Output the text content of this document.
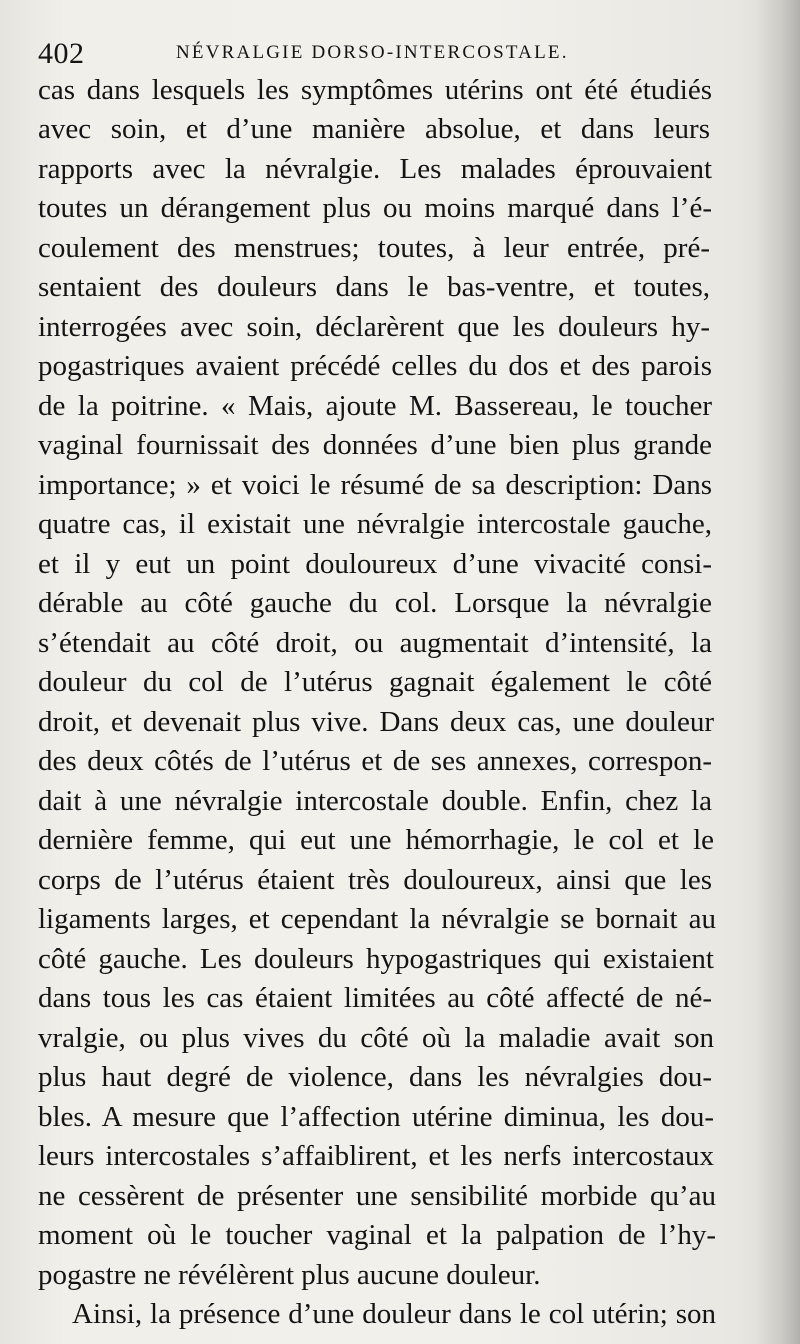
402	NÉVRALGIE DORSO-INTERCOSTALE.
cas dans lesquels les symptômes utérins ont été étudiés
avec soin, et d’une manière absolue, et dans leurs
rapports avec la névralgie. Les malades éprouvaient
toutes un dérangement plus ou moins marqué dans l’é-
coulement des menstrues; toutes, à leur entrée, pré-
sentaient des douleurs dans le bas-ventre, et toutes,
interrogées avec soin, déclarèrent que les douleurs hy-
pogastriques avaient précédé celles du dos et des parois
de la poitrine. « Mais, ajoute M. Bassereau, le toucher
vaginal fournissait des données d’une bien plus grande
importance; » et voici le résumé de sa description: Dans
quatre cas, il existait une névralgie intercostale gauche,
et il y eut un point douloureux d’une vivacité consi-
dérable au côté gauche du col. Lorsque la névralgie
s’étendait au côté droit, ou augmentait d’intensité, la
douleur du col de l’utérus gagnait également le côté
droit, et devenait plus vive. Dans deux cas, une douleur
des deux côtés de l’utérus et de ses annexes, correspon-
dait à une névralgie intercostale double. Enfin, chez la
dernière femme, qui eut une hémorrhagie, le col et le
corps de l’utérus étaient très douloureux, ainsi que les
ligaments larges, et cependant la névralgie se bornait au
côté gauche. Les douleurs hypogastriques qui existaient
dans tous les cas étaient limitées au côté affecté de né-
vralgie, ou plus vives du côté où la maladie avait son
plus haut degré de violence, dans les névralgies dou-
bles. A mesure que l’affection utérine diminua, les dou-
leurs intercostales s’affaiblirent, et les nerfs intercostaux
ne cessèrent de présenter une sensibilité morbide qu’au
moment où le toucher vaginal et la palpation de l’hy-
pogastre ne révélèrent plus aucune douleur.
Ainsi, la présence d’une douleur dans le col utérin; son
